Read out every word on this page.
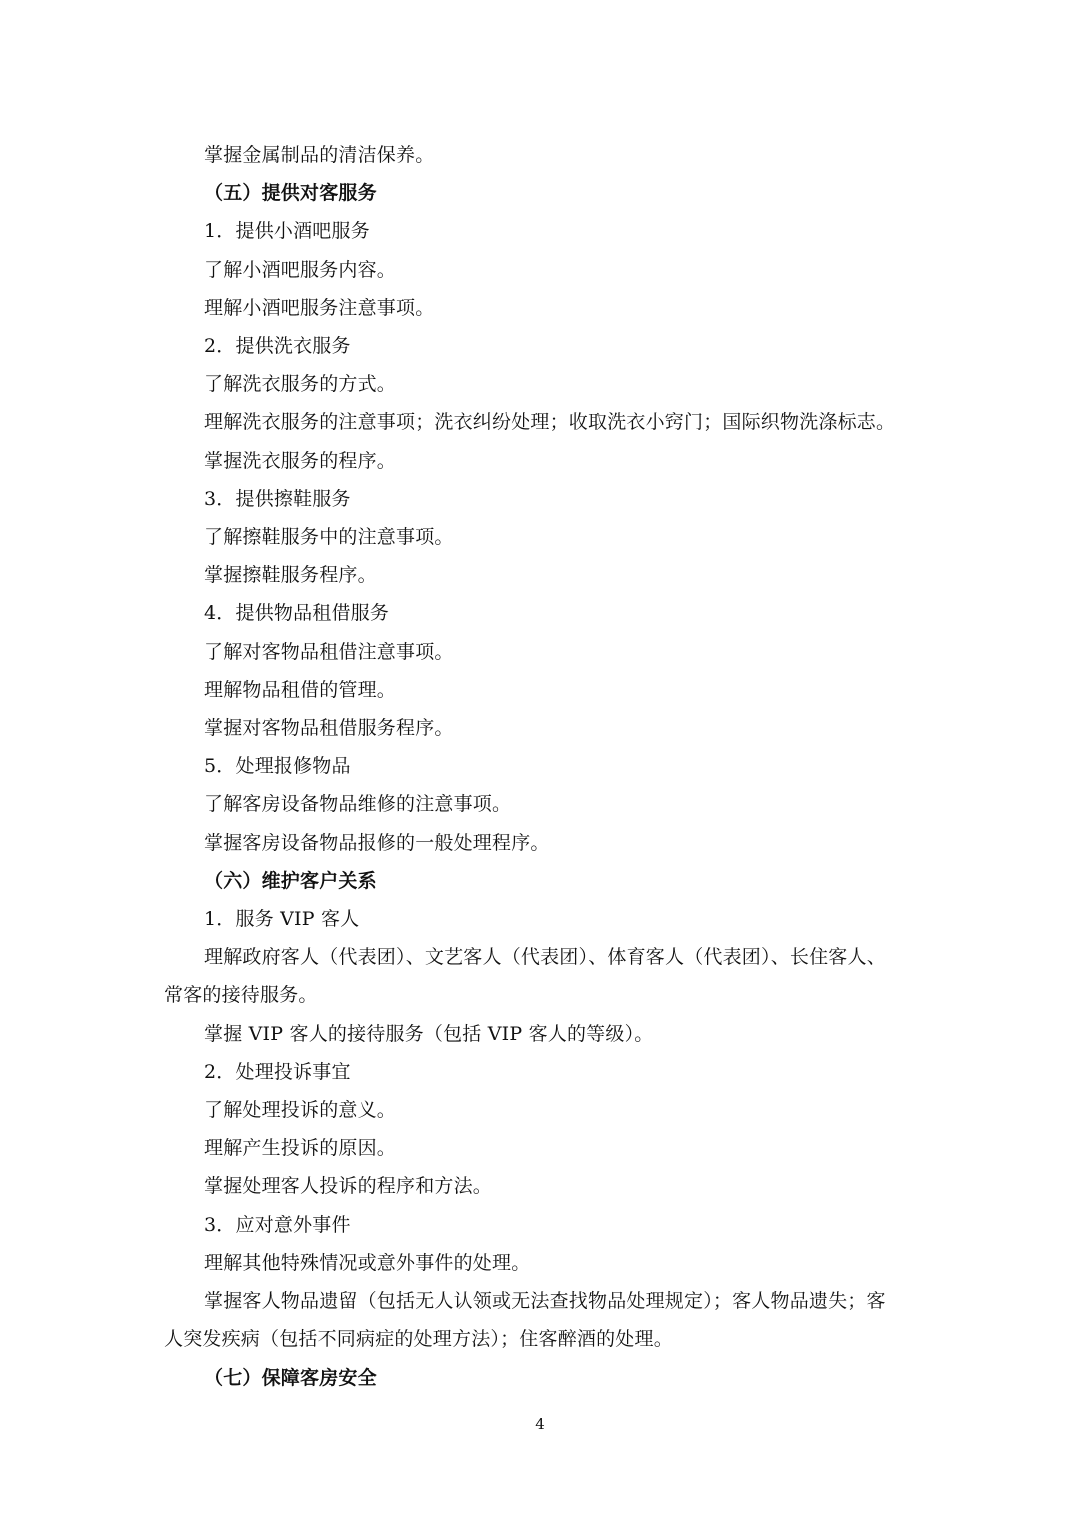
掌握金属制品的清洁保养。

（五）提供对客服务

1．提供小酒吧服务

了解小酒吧服务内容。

理解小酒吧服务注意事项。

2．提供洗衣服务

了解洗衣服务的方式。

理解洗衣服务的注意事项；洗衣纠纷处理；收取洗衣小窍门；国际织物洗涤标志。

掌握洗衣服务的程序。

3．提供擦鞋服务

了解擦鞋服务中的注意事项。

掌握擦鞋服务程序。

4．提供物品租借服务

了解对客物品租借注意事项。

理解物品租借的管理。

掌握对客物品租借服务程序。

5．处理报修物品

了解客房设备物品维修的注意事项。

掌握客房设备物品报修的一般处理程序。

（六）维护客户关系

1．服务 VIP 客人

理解政府客人（代表团）、文艺客人（代表团）、体育客人（代表团）、长住客人、

常客的接待服务。

掌握 VIP 客人的接待服务（包括 VIP 客人的等级）。

2．处理投诉事宜

了解处理投诉的意义。

理解产生投诉的原因。

掌握处理客人投诉的程序和方法。

3．应对意外事件

理解其他特殊情况或意外事件的处理。

掌握客人物品遗留（包括无人认领或无法查找物品处理规定）；客人物品遗失；客

人突发疾病（包括不同病症的处理方法）；住客醉酒的处理。

（七）保障客房安全

4
